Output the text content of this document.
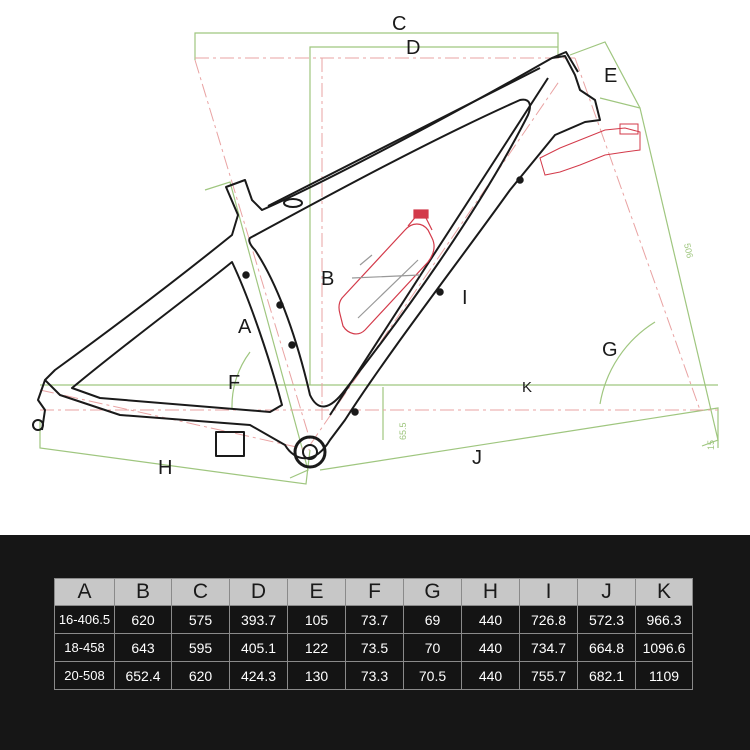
C
D
E
B
I
A
G
F	K
J
H
506
65.5
15
A	B	C	D	E	F	G	H	I	J	K
16-406.5	620	575	393.7	105	73.7	69	440	726.8	572.3	966.3
18-458	643	595	405.1	122	73.5	70	440	734.7	664.8	1096.6
20-508	652.4	620	424.3	130	73.3	70.5	440	755.7	682.1	1109
